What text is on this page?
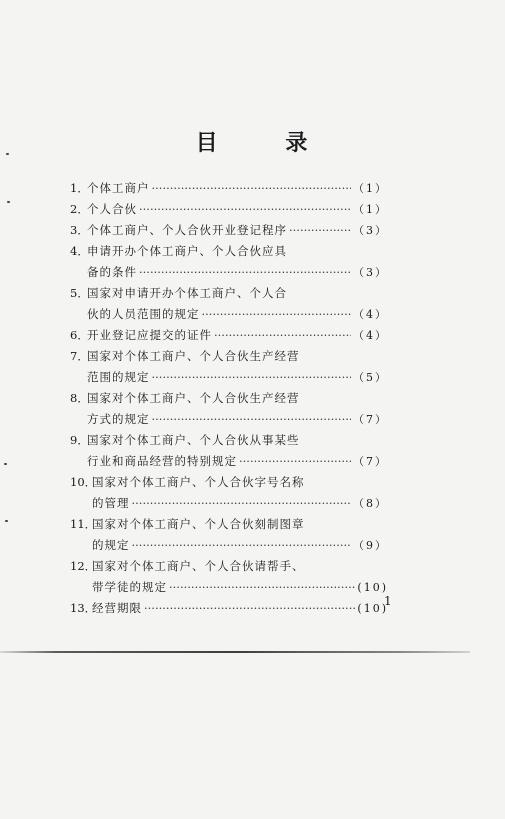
目 录
1．
个体工商户 ·····	（1）
2．
个人合伙 ·····	（1）
3．
个体工商户、个人合伙开业登记程序 ·····	（3）
4．
申请开办个体工商户、个人合伙应具
备的条件 ·····	（3）
5．
国家对申请开办个体工商户、个人合
伙的人员范围的规定 ·····	（4）
6．
开业登记应提交的证件 ·····	（4）
7．
国家对个体工商户、个人合伙生产经营
范围的规定 ·····	（5）
8．
国家对个体工商户、个人合伙生产经营
方式的规定 ·····	（7）
9．
国家对个体工商户、个人合伙从事某些
行业和商品经营的特别规定 ·····	（7）
10．
国家对个体工商户、个人合伙字号名称
的管理 ·····	（8）
11．
国家对个体工商户、个人合伙刻制图章
的规定 ·····	（9）
12．
国家对个体工商户、个人合伙请帮手、
带学徒的规定 ·····	(10)
13．
经营期限 ·····	(10)
1
